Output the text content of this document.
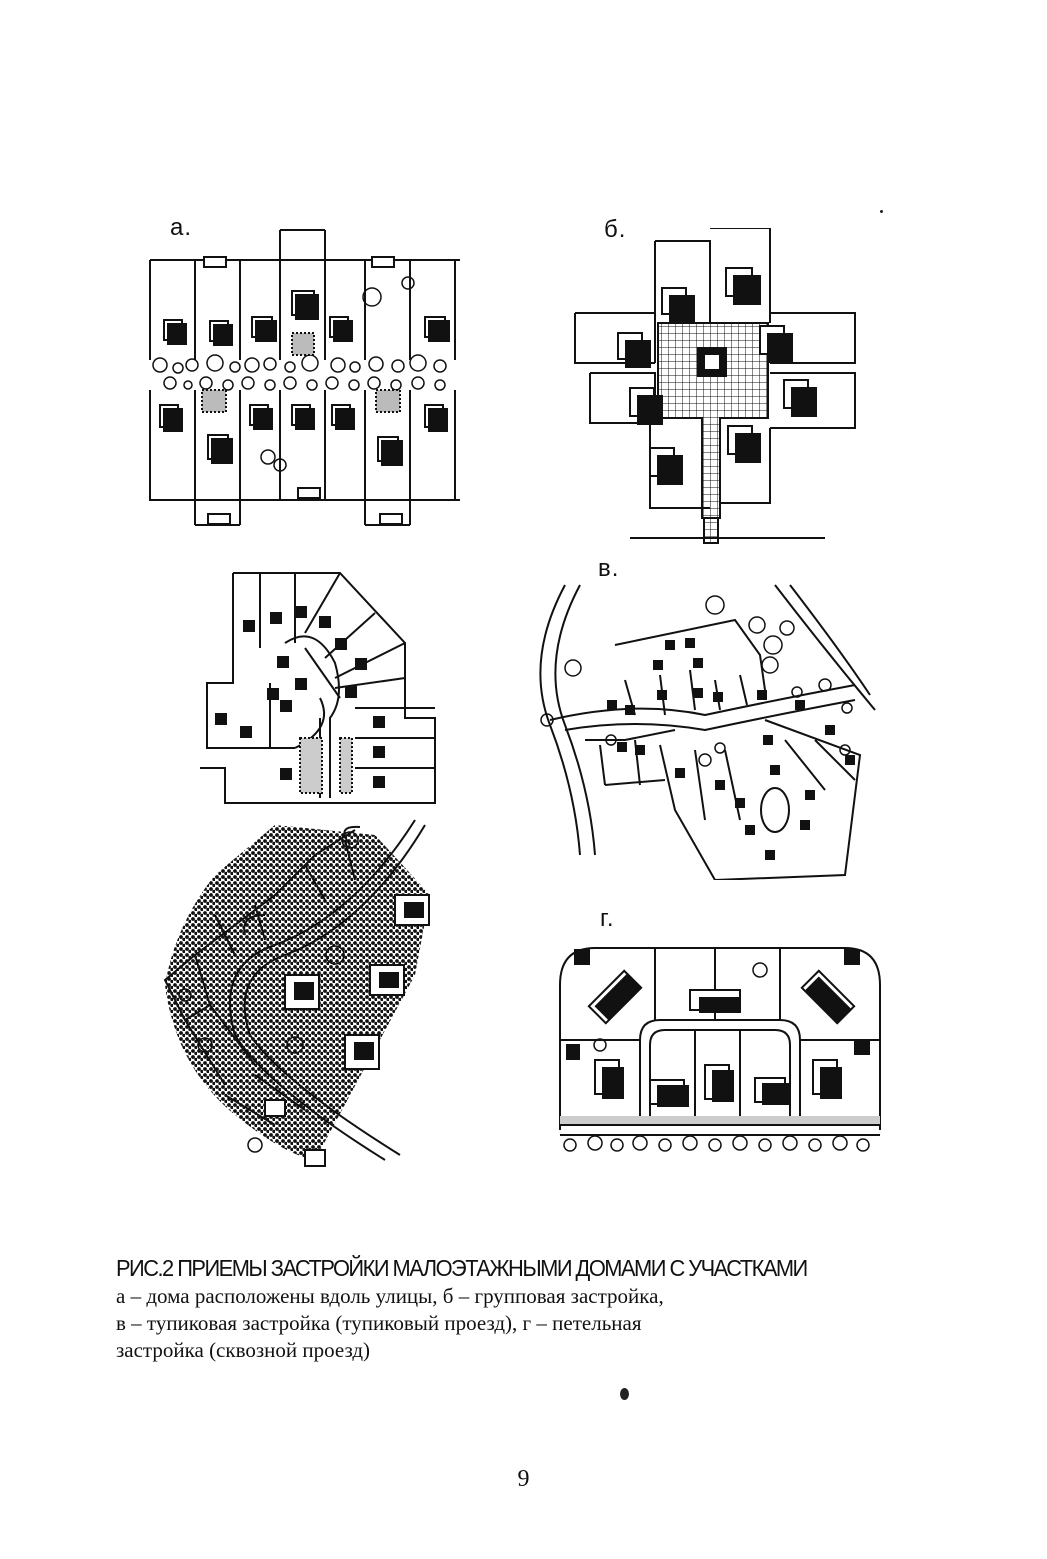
а.	б.
в.
г.

РИС.2 ПРИЕМЫ ЗАСТРОЙКИ МАЛОЭТАЖНЫМИ ДОМАМИ С УЧАСТКАМИ

а – дома расположены вдоль улицы, б – групповая застройка,

в – тупиковая застройка (тупиковый проезд), г – петельная

застройка (сквозной проезд)

9
